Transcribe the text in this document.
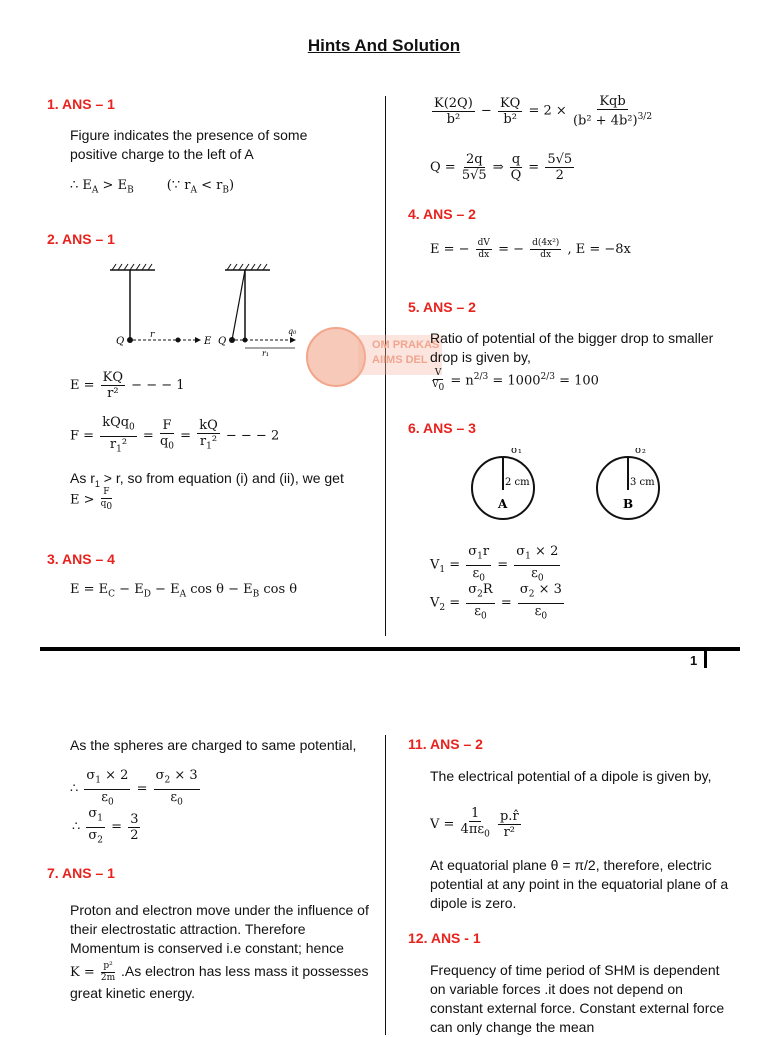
Hints And Solution
1. ANS – 1
Figure indicates the presence of some positive charge to the left of A
∴ $E_A > E_B$        (∵ $r_A < r_B$)
2. ANS – 1
Q
r
E Q
r₁
q₀
OM PRAKAS
AIIMS DEL
$E = \frac{KQ}{\text{r²}}$ − − − 1
$F = \frac{kQq_0}{r_1^2} = \frac{F}{q_0} = \frac{kQ}{r_1^2}$ − − − 2
As $r_1 > r$, so from equation (i) and (ii), we get
$E > \frac{F}{q_0}$
3. ANS – 4
$E = E_C - E_D - E_A$ $\cos \theta - E_B$ cos θ
$\frac{K(2Q)}{\text{b²}} - \frac{KQ}{\text{b²}} = 2 \times \frac{\text{Kqb}}{(b^2 + 4b^2)^{3/2}}$
$Q = \frac{2q}{5√5}$ ⇒ $\frac{q}{Q} = \frac{5√5}{2}$
4. ANS – 2
E = − $\frac{dV}{dx}$ = − $\frac{\text{d(4x²)}}{dx}$ , E = −8x
5. ANS – 2
Ratio of potential of the bigger drop to smaller drop is given by,
$\frac{V}{V_0} = n^{2/3} = 1000^{2/3} = 100$
6. ANS – 3
σ₁
2 cm
A
σ₂
3 cm
B
$V_1 = \frac{\sigma_1r}{\varepsilon_0} = \frac{\sigma_1 \times 2}{\varepsilon_0}$
$V_2 = \frac{\sigma_2R}{\varepsilon_0} = \frac{\sigma_2 \times 3}{\varepsilon_0}$
1
As the spheres are charged to same potential,
∴ $\frac{\sigma_1 \times 2}{\varepsilon_0} = \frac{\sigma_2 \times 3}{\varepsilon_0}$
∴ $\frac{\sigma_1}{\sigma_2} = \frac{3}{2}$
7. ANS – 1
Proton and electron move under the influence of their electrostatic attraction. Therefore Momentum is conserved i.e constant; hence
$K = \frac{\text{p²}}{2m} .As$ electron has less mass it possesses great kinetic energy.
11. ANS – 2
The electrical potential of a dipole is given by,
$V = \frac{1}{4\pi\varepsilon_0}$
$\frac{p.r̂}{\text{r²}}$
At equatorial plane θ = π/2, therefore, electric potential at any point in the equatorial plane of a dipole is zero.
12. ANS - 1
Frequency of time period of SHM is dependent on variable forces .it does not depend on constant external force. Constant external force can only change the mean
